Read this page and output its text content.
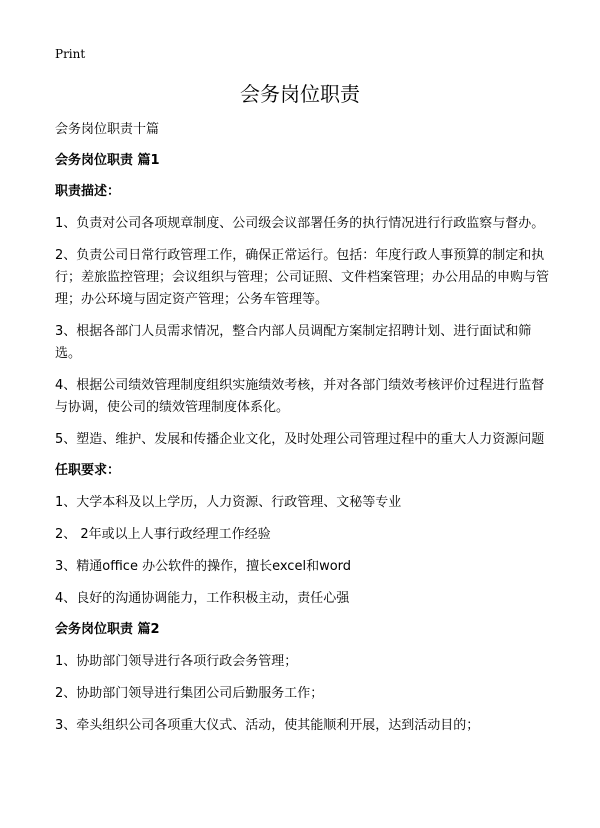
Print
会务岗位职责

会务岗位职责十篇

会务岗位职责 篇1

职责描述：

1、负责对公司各项规章制度、公司级会议部署任务的执行情况进行行政监察与督办。

2、负责公司日常行政管理工作，确保正常运行。包括：年度行政人事预算的制定和执行；差旅监控管理；会议组织与管理；公司证照、文件档案管理；办公用品的申购与管理；办公环境与固定资产管理；公务车管理等。

3、根据各部门人员需求情况，整合内部人员调配方案制定招聘计划、进行面试和筛选。

4、根据公司绩效管理制度组织实施绩效考核，并对各部门绩效考核评价过程进行监督与协调，使公司的绩效管理制度体系化。

5、塑造、维护、发展和传播企业文化，及时处理公司管理过程中的重大人力资源问题

任职要求：

1、大学本科及以上学历，人力资源、行政管理、文秘等专业

2、 2年或以上人事行政经理工作经验

3、精通office 办公软件的操作，擅长excel和word

4、良好的沟通协调能力，工作积极主动，责任心强

会务岗位职责 篇2

1、协助部门领导进行各项行政会务管理；

2、协助部门领导进行集团公司后勤服务工作；

3、牵头组织公司各项重大仪式、活动，使其能顺利开展，达到活动目的；
